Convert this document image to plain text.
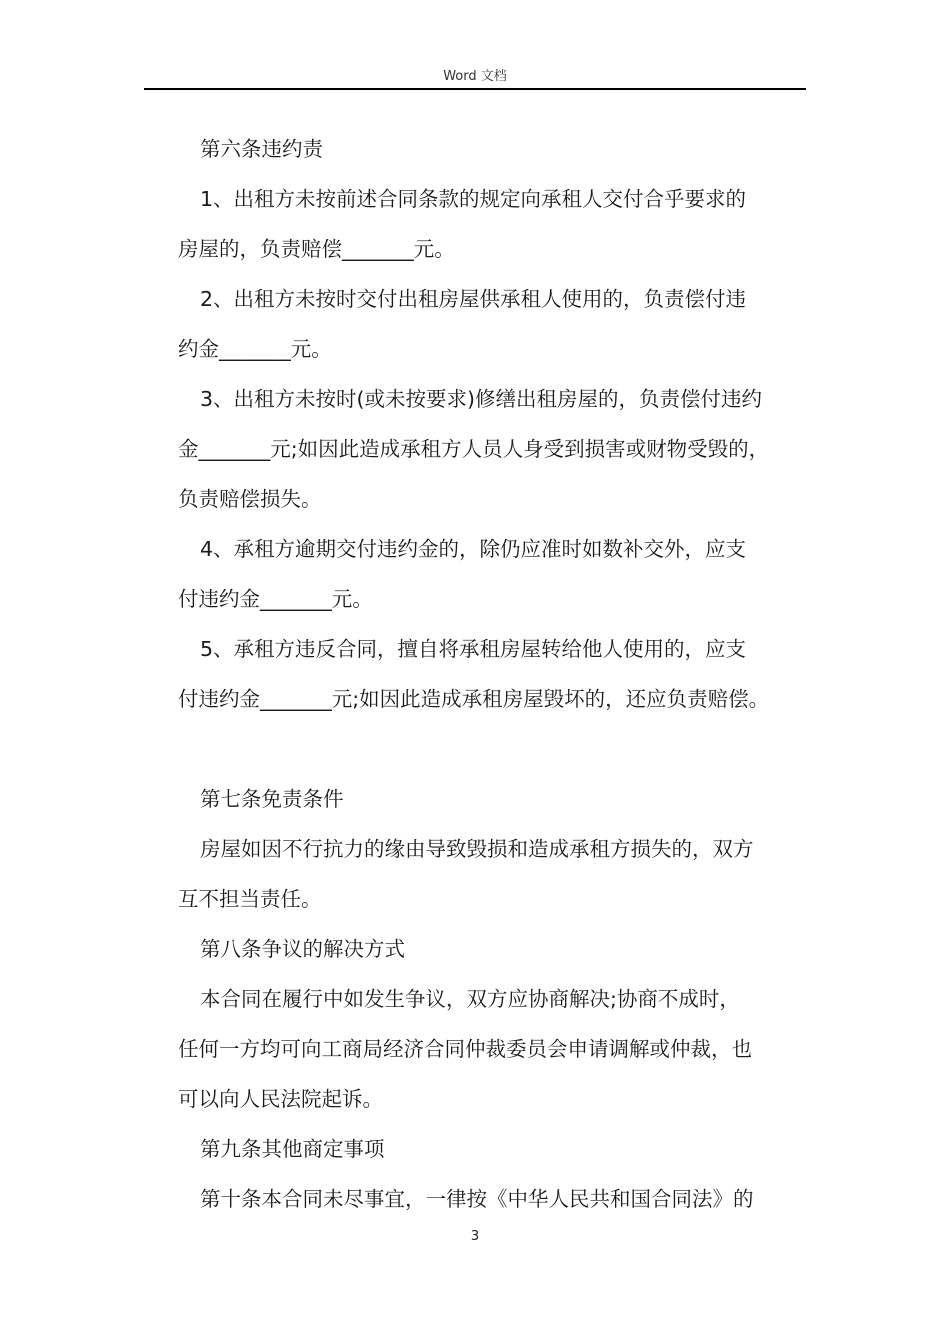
Word 文档
第六条违约责
1、出租方未按前述合同条款的规定向承租人交付合乎要求的
房屋的，负责赔偿_______元。
2、出租方未按时交付出租房屋供承租人使用的，负责偿付违
约金_______元。
3、出租方未按时(或未按要求)修缮出租房屋的，负责偿付违约
金_______元;如因此造成承租方人员人身受到损害或财物受毁的，
负责赔偿损失。
4、承租方逾期交付违约金的，除仍应准时如数补交外，应支
付违约金_______元。
5、承租方违反合同，擅自将承租房屋转给他人使用的，应支
付违约金_______元;如因此造成承租房屋毁坏的，还应负责赔偿。
第七条免责条件
房屋如因不行抗力的缘由导致毁损和造成承租方损失的，双方
互不担当责任。
第八条争议的解决方式
本合同在履行中如发生争议，双方应协商解决;协商不成时，
任何一方均可向工商局经济合同仲裁委员会申请调解或仲裁，也
可以向人民法院起诉。
第九条其他商定事项
第十条本合同未尽事宜，一律按《中华人民共和国合同法》的
3
